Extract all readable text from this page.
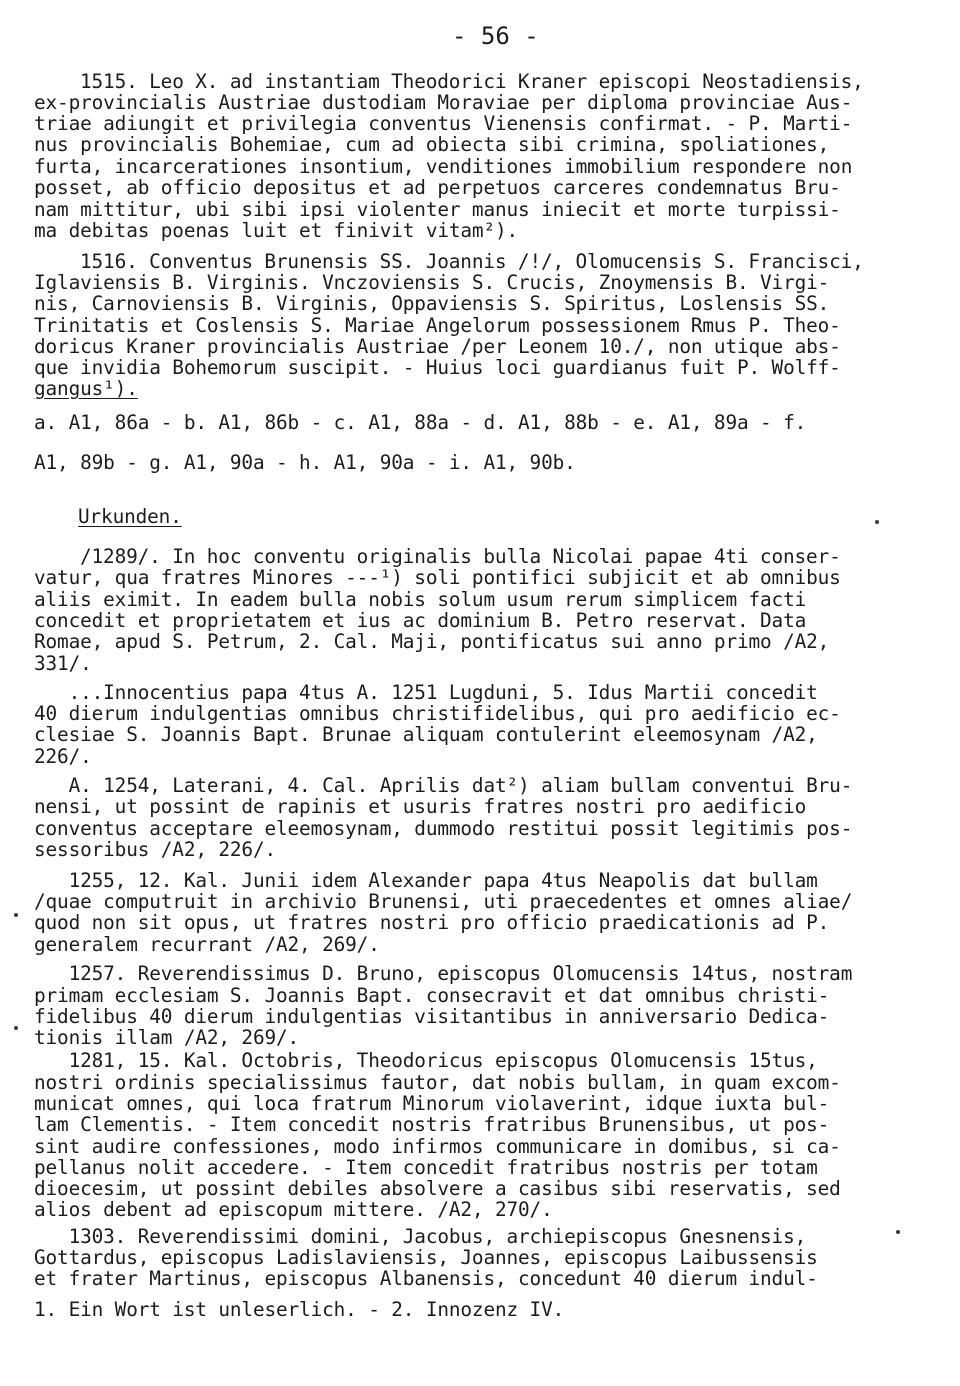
- 56 -
1515. Leo X. ad instantiam Theodorici Kraner episcopi Neostadiensis,
ex-provincialis Austriae dustodiam Moraviae per diploma provinciae Aus-
triae adiungit et privilegia conventus Vienensis confirmat. - P. Marti-
nus provincialis Bohemiae, cum ad obiecta sibi crimina, spoliationes,
furta, incarcerationes insontium, venditiones immobilium respondere non
posset, ab officio depositus et ad perpetuos carceres condemnatus Bru-
nam mittitur, ubi sibi ipsi violenter manus iniecit et morte turpissi-
ma debitas poenas luit et finivit vitam²).
1516. Conventus Brunensis SS. Joannis /!/, Olomucensis S. Francisci,
Iglaviensis B. Virginis. Vnczoviensis S. Crucis, Znoymensis B. Virgi-
nis, Carnoviensis B. Virginis, Oppaviensis S. Spiritus, Loslensis SS.
Trinitatis et Coslensis S. Mariae Angelorum possessionem Rmus P. Theo-
doricus Kraner provincialis Austriae /per Leonem 10./, non utique abs-
que invidia Bohemorum suscipit. - Huius loci guardianus fuit P. Wolff-
gangus¹).
a. A1, 86a - b. A1, 86b - c. A1, 88a - d. A1, 88b - e. A1, 89a - f.
A1, 89b - g. A1, 90a - h. A1, 90a - i. A1, 90b.
Urkunden.
/1289/. In hoc conventu originalis bulla Nicolai papae 4ti conser-
vatur, qua fratres Minores ---¹) soli pontifici subjicit et ab omnibus
aliis eximit. In eadem bulla nobis solum usum rerum simplicem facti
concedit et proprietatem et ius ac dominium B. Petro reservat. Data
Romae, apud S. Petrum, 2. Cal. Maji, pontificatus sui anno primo /A2,
331/.
...Innocentius papa 4tus A. 1251 Lugduni, 5. Idus Martii concedit
40 dierum indulgentias omnibus christifidelibus, qui pro aedificio ec-
clesiae S. Joannis Bapt. Brunae aliquam contulerint eleemosynam /A2,
226/.
A. 1254, Laterani, 4. Cal. Aprilis dat²) aliam bullam conventui Bru-
nensi, ut possint de rapinis et usuris fratres nostri pro aedificio
conventus acceptare eleemosynam, dummodo restitui possit legitimis pos-
sessoribus /A2, 226/.
1255, 12. Kal. Junii idem Alexander papa 4tus Neapolis dat bullam
/quae computruit in archivio Brunensi, uti praecedentes et omnes aliae/
quod non sit opus, ut fratres nostri pro officio praedicationis ad P.
generalem recurrant /A2, 269/.
1257. Reverendissimus D. Bruno, episcopus Olomucensis 14tus, nostram
primam ecclesiam S. Joannis Bapt. consecravit et dat omnibus christi-
fidelibus 40 dierum indulgentias visitantibus in anniversario Dedica-
tionis illam /A2, 269/.
1281, 15. Kal. Octobris, Theodoricus episcopus Olomucensis 15tus,
nostri ordinis specialissimus fautor, dat nobis bullam, in quam excom-
municat omnes, qui loca fratrum Minorum violaverint, idque iuxta bul-
lam Clementis. - Item concedit nostris fratribus Brunensibus, ut pos-
sint audire confessiones, modo infirmos communicare in domibus, si ca-
pellanus nolit accedere. - Item concedit fratribus nostris per totam
dioecesim, ut possint debiles absolvere a casibus sibi reservatis, sed
alios debent ad episcopum mittere. /A2, 270/.
1303. Reverendissimi domini, Jacobus, archiepiscopus Gnesnensis,
Gottardus, episcopus Ladislaviensis, Joannes, episcopus Laibussensis
et frater Martinus, episcopus Albanensis, concedunt 40 dierum indul-
1. Ein Wort ist unleserlich. - 2. Innozenz IV.
